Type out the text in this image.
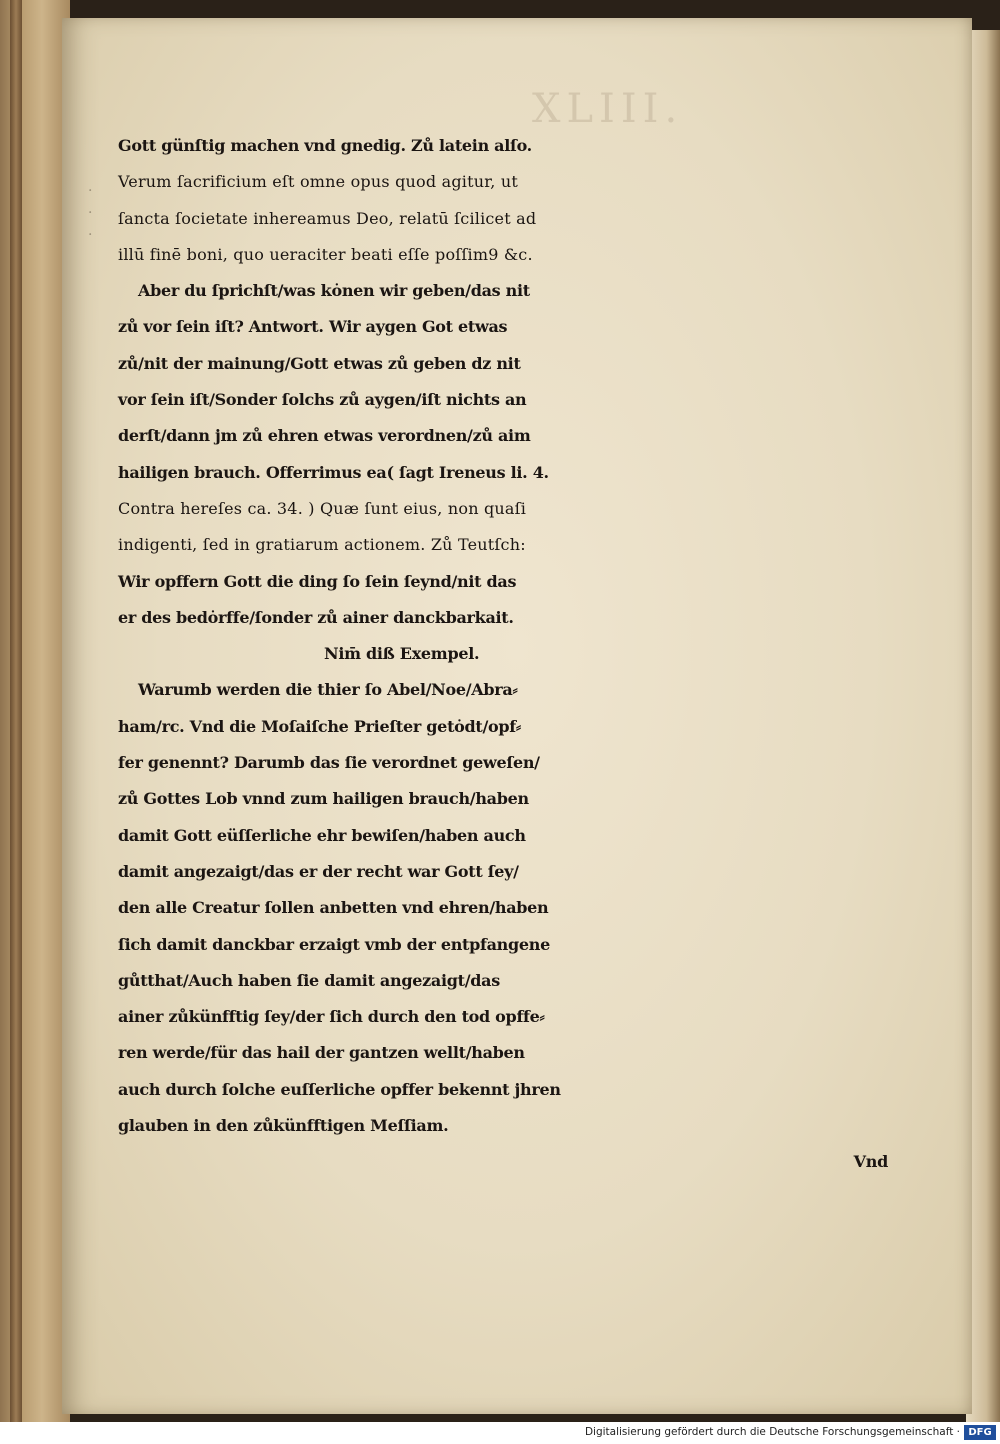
XLIII.
·
·
·
Gott günſtig machen vnd gnedig. Zů latein alſo.
Verum ſacrificium eſt omne opus quod agitur, ut
ſancta ſocietate inhereamus Deo, relatū ſcilicet ad
illū finē boni, quo ueraciter beati eſſe poſſim9 &c.
Aber du ſprichſt/was kȯnen wir geben/das nit
zů vor ſein iſt? Antwort. Wir aygen Got etwas
zů/nit der mainung/Gott etwas zů geben dz nit
vor ſein iſt/Sonder ſolchs zů aygen/iſt nichts an
derſt/dann jm zů ehren etwas verordnen/zů aim
hailigen brauch. Offerrimus ea( ſagt Ireneus li. 4.
Contra hereſes ca. 34. ) Quæ ſunt eius, non quaſi
indigenti, ſed in gratiarum actionem. Zů Teutſch:
Wir opffern Gott die ding ſo ſein ſeynd/nit das
er des bedȯrffe/ſonder zů ainer danckbarkait.
Nim̄ diß Exempel.
Warumb werden die thier ſo Abel/Noe/Abra⸗
ham/rc. Vnd die Moſaiſche Prieſter getȯdt/opf⸗
fer genennt? Darumb das ſie verordnet geweſen/
zů Gottes Lob vnnd zum hailigen brauch/haben
damit Gott eüſſerliche ehr bewiſen/haben auch
damit angezaigt/das er der recht war Gott ſey/
den alle Creatur ſollen anbetten vnd ehren/haben
ſich damit danckbar erzaigt vmb der entpfangene
gůtthat/Auch haben ſie damit angezaigt/das
ainer zůkünfftig ſey/der ſich durch den tod opffe⸗
ren werde/für das hail der gantzen wellt/haben
auch durch ſolche euſſerliche opffer bekennt jhren
glauben in den zůkünfftigen Meſſiam.
Vnd
Digitalisierung gefördert durch die Deutsche Forschungsgemeinschaft · DFG
